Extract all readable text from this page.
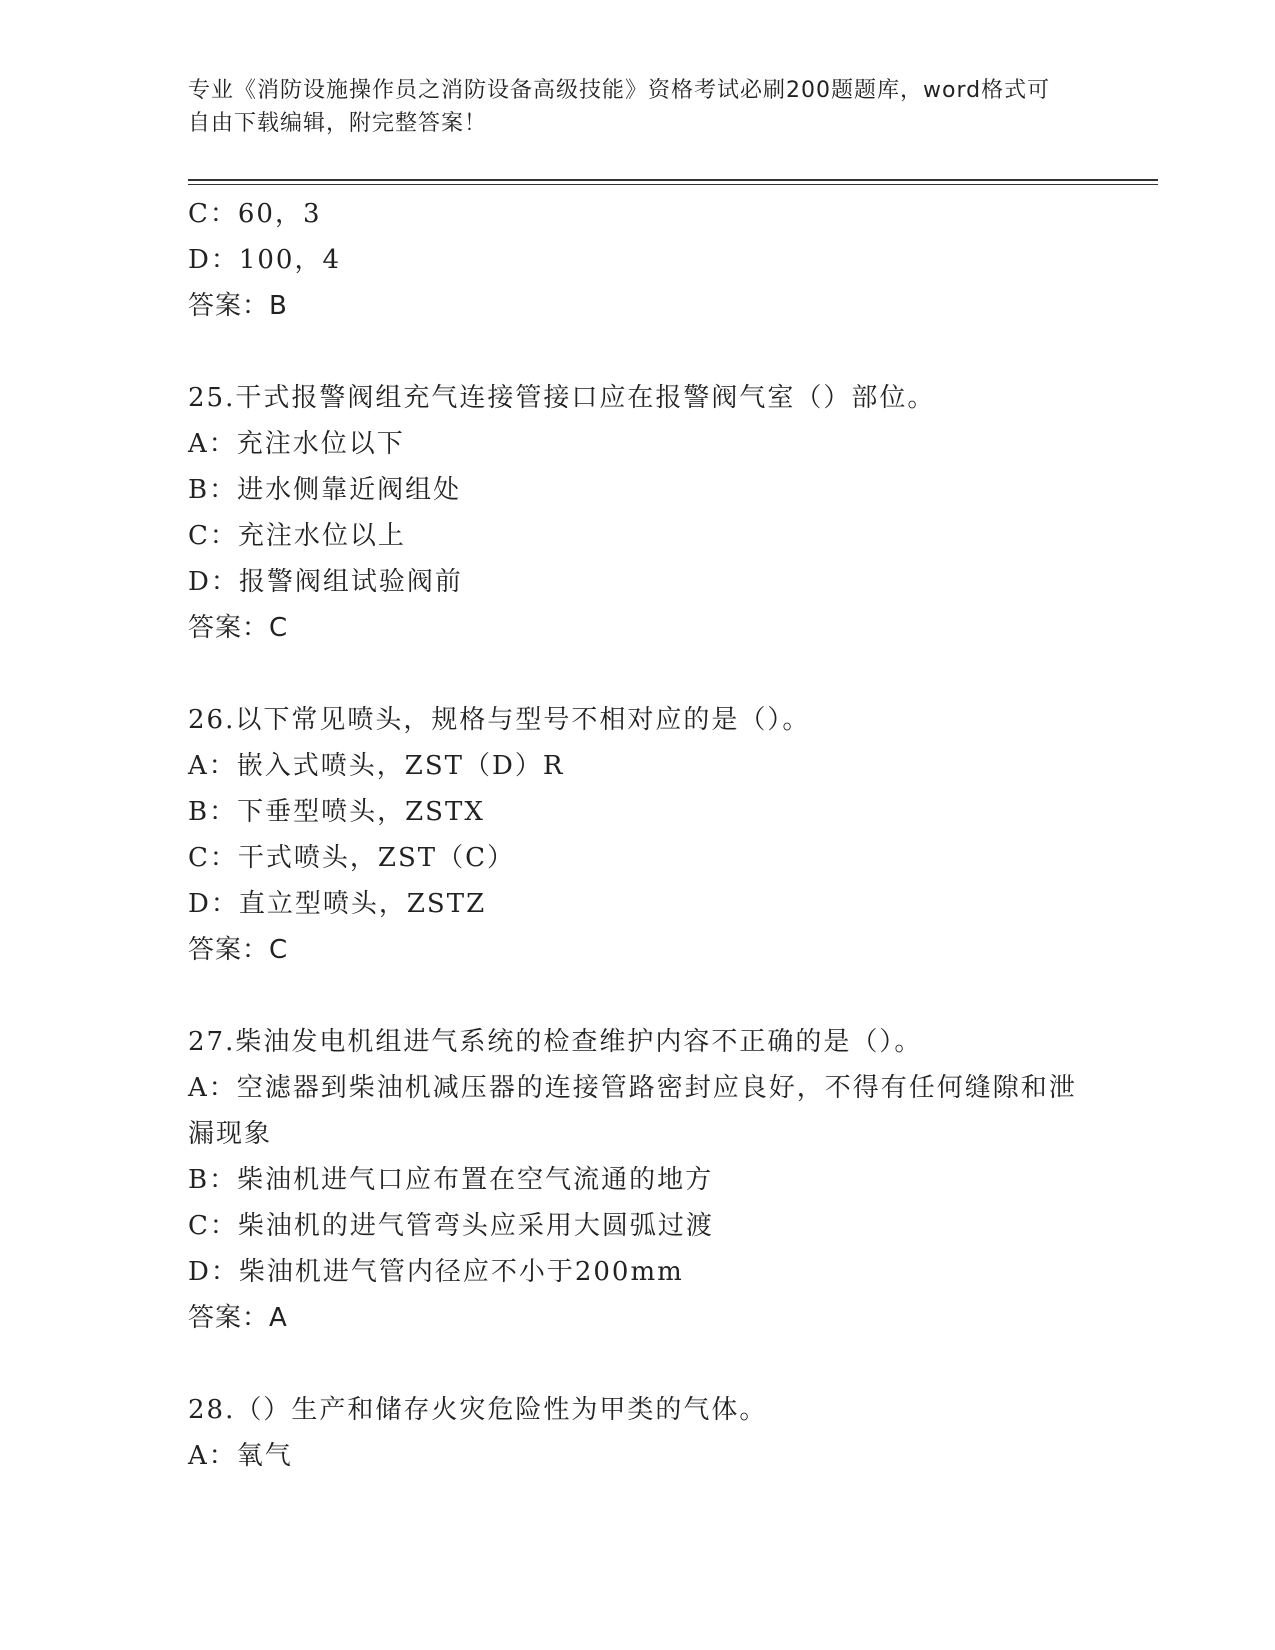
专业《消防设施操作员之消防设备高级技能》资格考试必刷200题题库，word格式可自由下载编辑，附完整答案！
C：60，3
D：100，4
答案：B
25.干式报警阀组充气连接管接口应在报警阀气室（）部位。
A：充注水位以下
B：进水侧靠近阀组处
C：充注水位以上
D：报警阀组试验阀前
答案：C
26.以下常见喷头，规格与型号不相对应的是（）。
A：嵌入式喷头，ZST（D）R
B：下垂型喷头，ZSTX
C：干式喷头，ZST（C）
D：直立型喷头，ZSTZ
答案：C
27.柴油发电机组进气系统的检查维护内容不正确的是（）。
A：空滤器到柴油机减压器的连接管路密封应良好，不得有任何缝隙和泄漏现象
B：柴油机进气口应布置在空气流通的地方
C：柴油机的进气管弯头应采用大圆弧过渡
D：柴油机进气管内径应不小于200mm
答案：A
28.（）生产和储存火灾危险性为甲类的气体。
A：氧气
